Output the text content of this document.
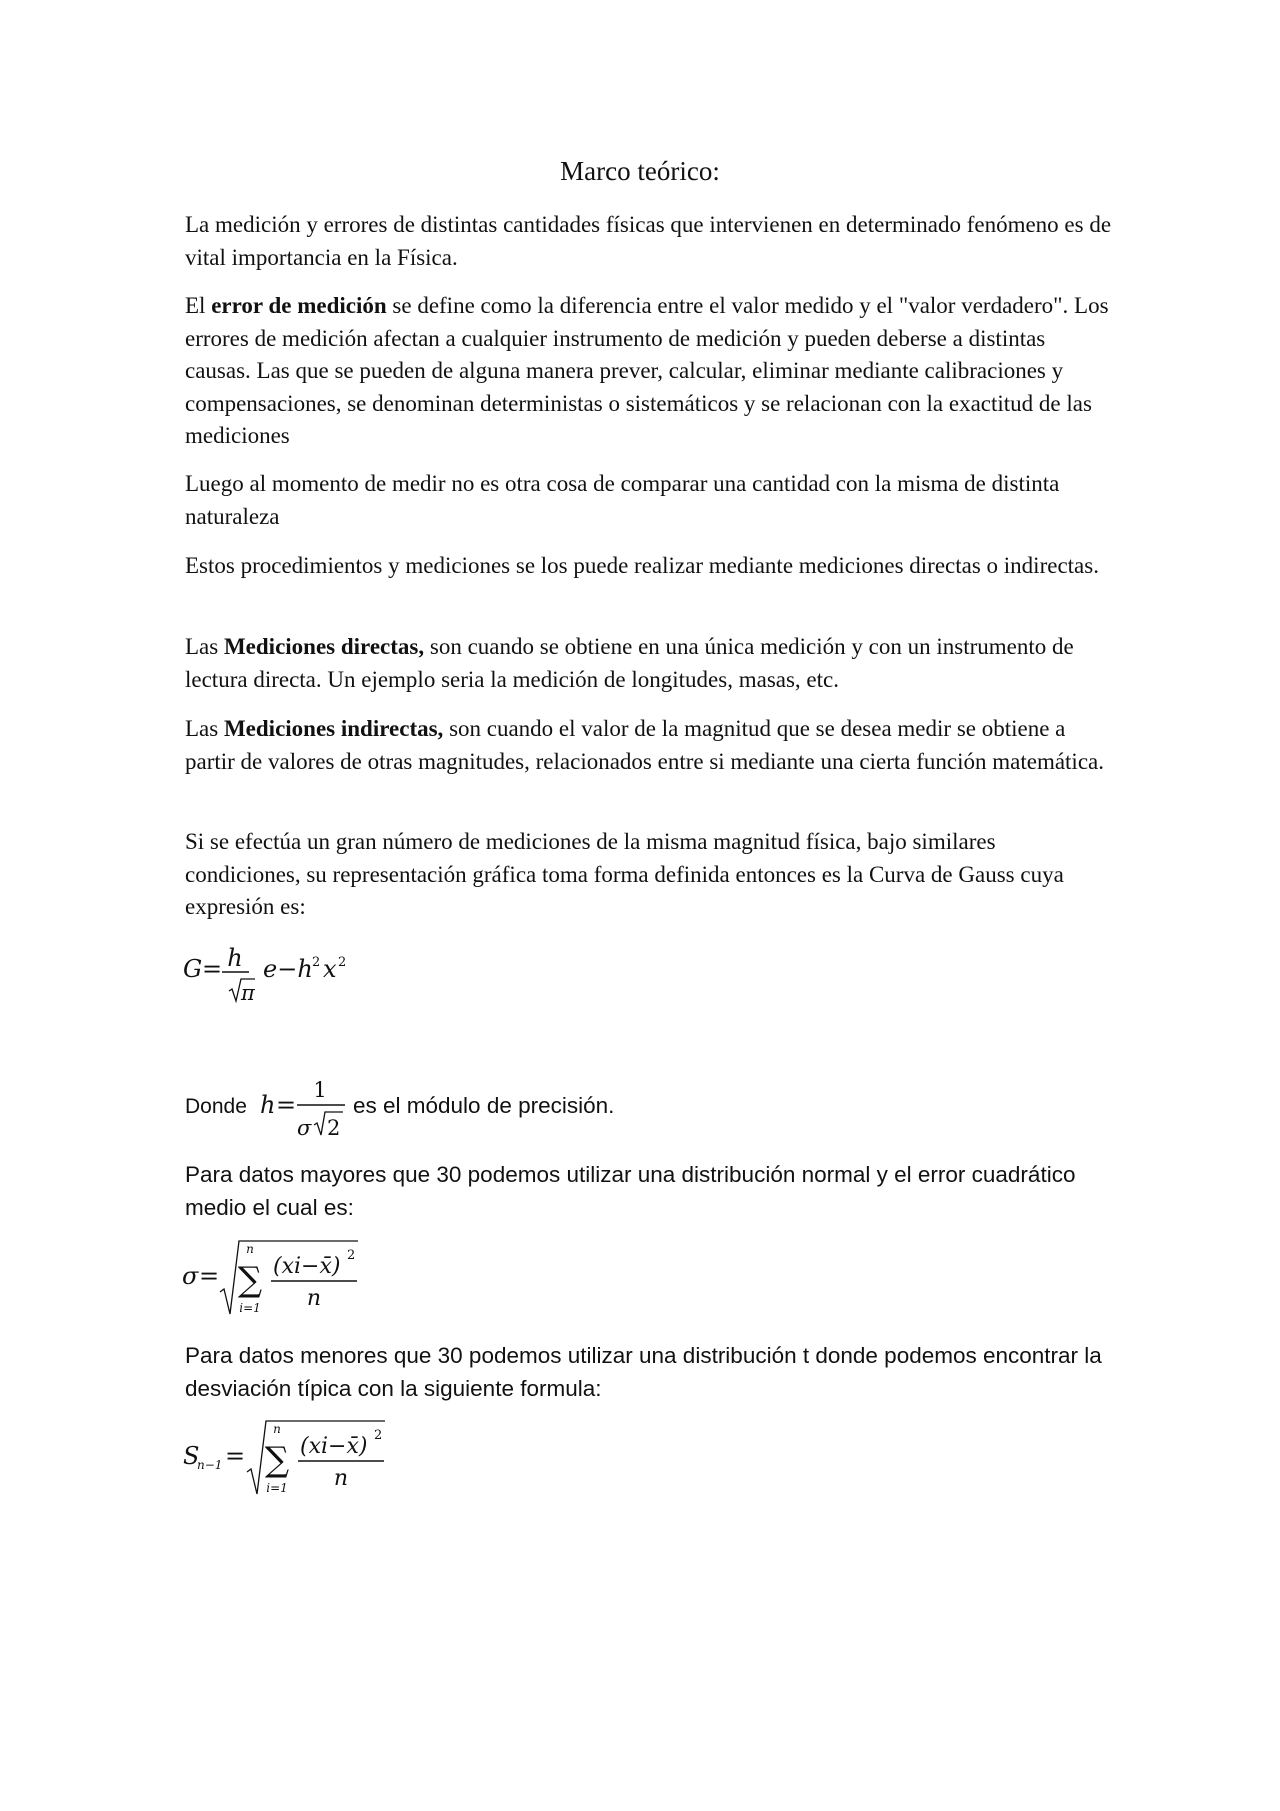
Marco teórico:

La medición y errores de distintas cantidades físicas que intervienen en determinado fenómeno es de vital importancia en la Física.

El error de medición se define como la diferencia entre el valor medido y el "valor verdadero". Los errores de medición afectan a cualquier instrumento de medición y pueden deberse a distintas causas. Las que se pueden de alguna manera prever, calcular, eliminar mediante calibraciones y compensaciones, se denominan deterministas o sistemáticos y se relacionan con la exactitud de las mediciones

Luego al momento de medir no es otra cosa de comparar una cantidad con la misma de distinta naturaleza

Estos procedimientos y mediciones se los puede realizar mediante mediciones directas o indirectas.

Las Mediciones directas, son cuando se obtiene en una única medición y con un instrumento de lectura directa. Un ejemplo seria la medición de longitudes, masas, etc.

Las Mediciones indirectas, son cuando el valor de la magnitud que se desea medir se obtiene a partir de valores de otras magnitudes, relacionados entre si mediante una cierta función matemática.

Si se efectúa un gran número de mediciones de la misma magnitud física, bajo similares condiciones, su representación gráfica toma forma definida entonces es la Curva de Gauss cuya expresión es:

G = h
π
e−h 2 x 2
Donde h =
1
σ 2
es el módulo de precisión.

Para datos mayores que 30 podemos utilizar una distribución normal y el error cuadrático medio el cual es:

σ =
n
∑
i=1
(xi−x̄) 2
n

Para datos menores que 30 podemos utilizar una distribución t donde podemos encontrar la desviación típica con la siguiente formula:

S
n−1 =
n
∑
i=1
(xi−x̄) 2
n
